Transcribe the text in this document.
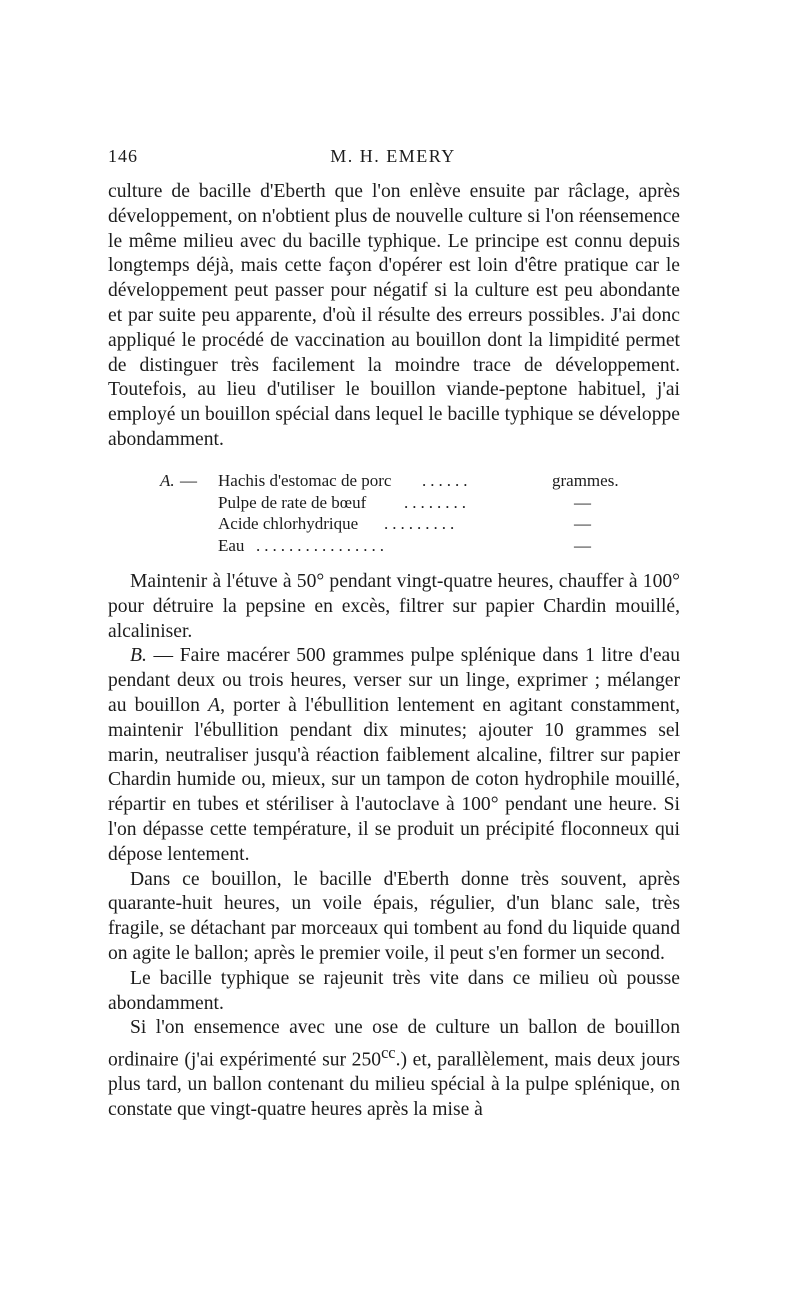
146	M. H. EMERY

culture de bacille d'Eberth que l'on enlève ensuite par râclage, après développement, on n'obtient plus de nouvelle culture si l'on réensemence le même milieu avec du bacille typhique. Le principe est connu depuis longtemps déjà, mais cette façon d'opérer est loin d'être pratique car le développement peut passer pour négatif si la culture est peu abondante et par suite peu apparente, d'où il résulte des erreurs possibles. J'ai donc appliqué le procédé de vaccination au bouillon dont la limpidité permet de distinguer très facilement la moindre trace de développement. Toutefois, au lieu d'utiliser le bouillon viande-peptone habituel, j'ai employé un bouillon spécial dans lequel le bacille typhique se développe abondamment.

A. — Hachis d'estomac de porc ......	grammes.
Pulpe de rate de bœuf ........	—
Acide chlorhydrique .........	—
Eau ................	—

Maintenir à l'étuve à 50° pendant vingt-quatre heures, chauffer à 100° pour détruire la pepsine en excès, filtrer sur papier Chardin mouillé, alcaliniser.

B. — Faire macérer 500 grammes pulpe splénique dans 1 litre d'eau pendant deux ou trois heures, verser sur un linge, exprimer ; mélanger au bouillon A, porter à l'ébullition lentement en agitant constamment, maintenir l'ébullition pendant dix minutes; ajouter 10 grammes sel marin, neutraliser jusqu'à réaction faiblement alcaline, filtrer sur papier Chardin humide ou, mieux, sur un tampon de coton hydrophile mouillé, répartir en tubes et stériliser à l'autoclave à 100° pendant une heure. Si l'on dépasse cette température, il se produit un précipité floconneux qui dépose lentement.

Dans ce bouillon, le bacille d'Eberth donne très souvent, après quarante-huit heures, un voile épais, régulier, d'un blanc sale, très fragile, se détachant par morceaux qui tombent au fond du liquide quand on agite le ballon; après le premier voile, il peut s'en former un second.

Le bacille typhique se rajeunit très vite dans ce milieu où pousse abondamment.

Si l'on ensemence avec une ose de culture un ballon de bouillon ordinaire (j'ai expérimenté sur $250^{cc}$.) et, parallèlement, mais deux jours plus tard, un ballon contenant du milieu spécial à la pulpe splénique, on constate que vingt-quatre heures après la mise à
